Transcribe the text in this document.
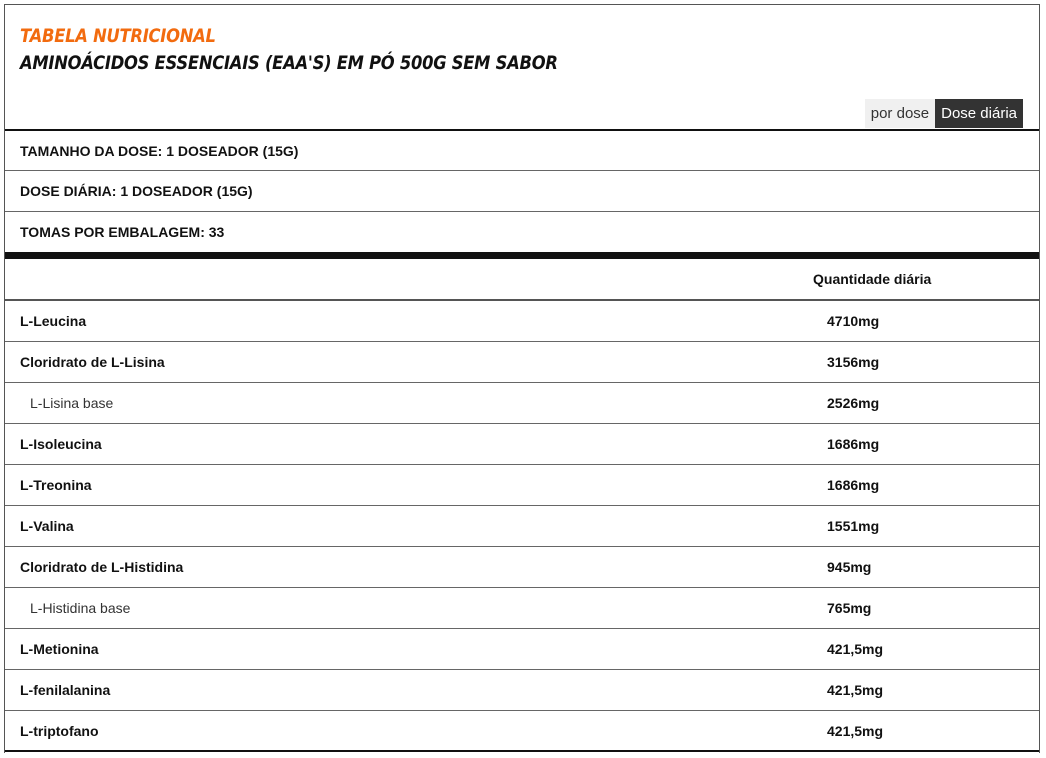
TABELA NUTRICIONAL
AMINOÁCIDOS ESSENCIAIS (EAA'S) EM PÓ 500G SEM SABOR
por dose Dose diária
TAMANHO DA DOSE: 1 DOSEADOR (15G)
DOSE DIÁRIA: 1 DOSEADOR (15G)
TOMAS POR EMBALAGEM: 33
Quantidade diária
L-Leucina	4710mg
Cloridrato de L-Lisina	3156mg
L-Lisina base	2526mg
L-Isoleucina	1686mg
L-Treonina	1686mg
L-Valina	1551mg
Cloridrato de L-Histidina	945mg
L-Histidina base	765mg
L-Metionina	421,5mg
L-fenilalanina	421,5mg
L-triptofano	421,5mg
